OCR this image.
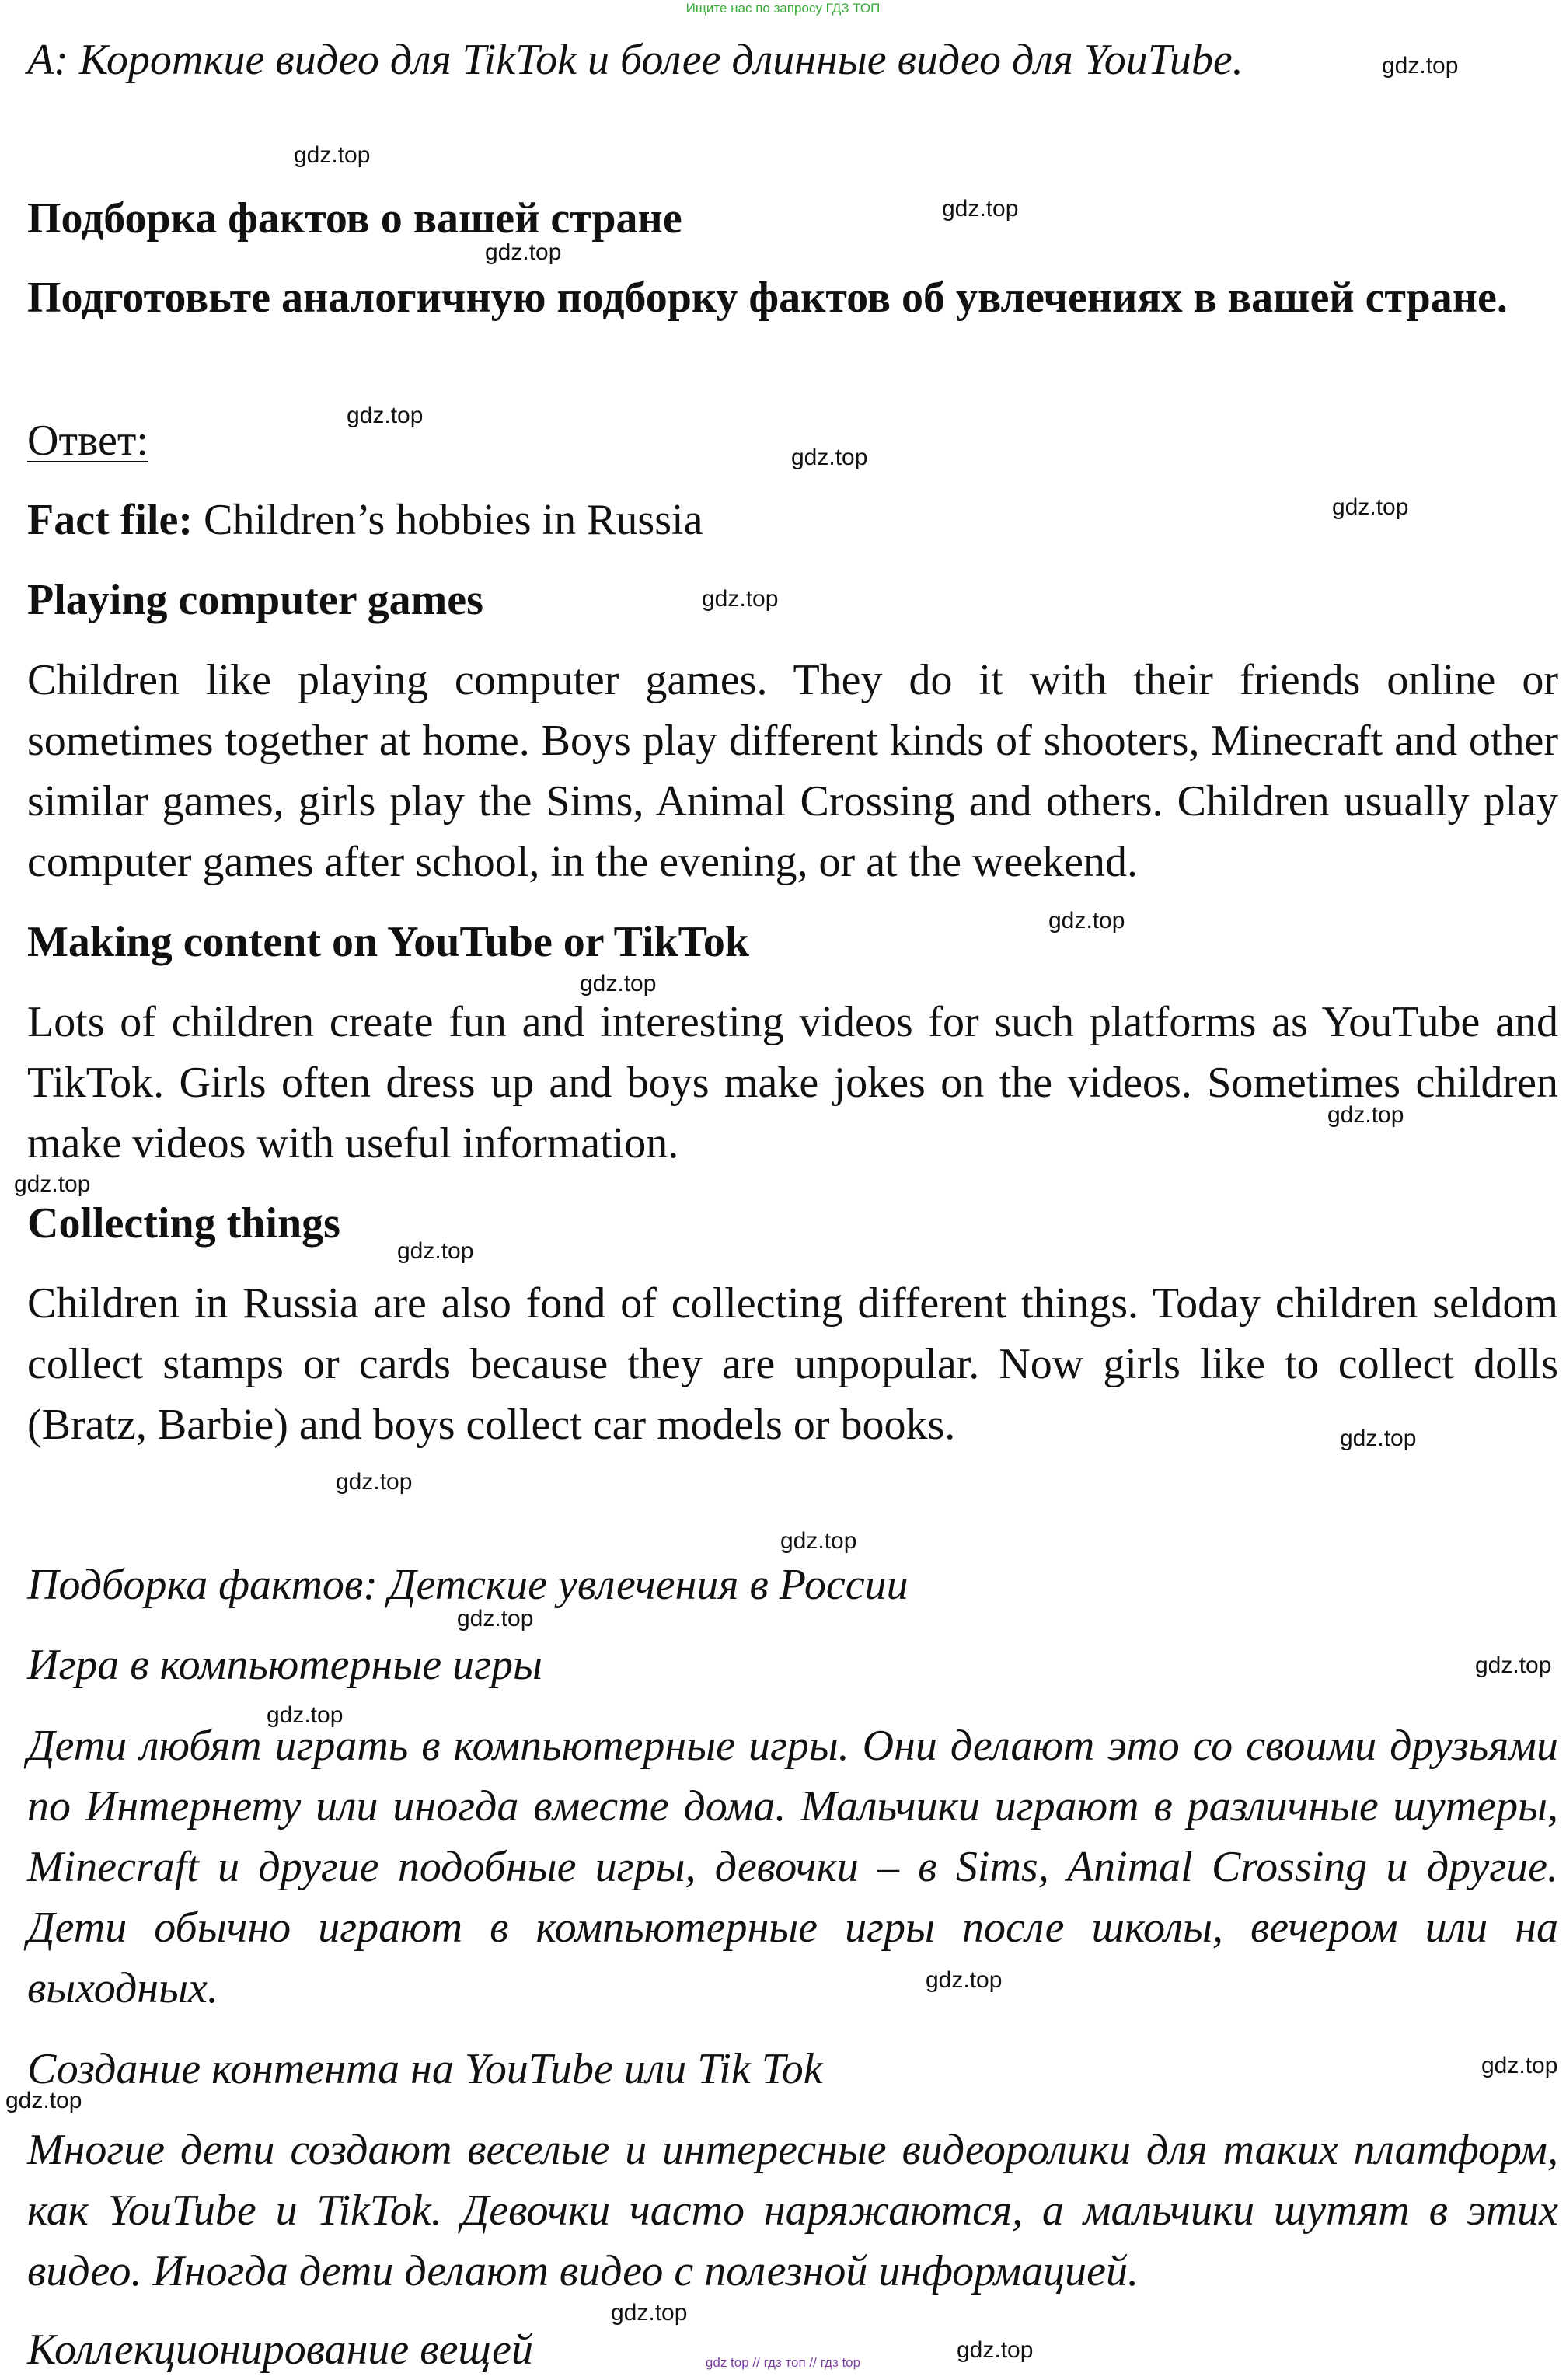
Ищите нас по запросу ГДЗ ТОП
А: Короткие видео для TikTok и более длинные видео для YouTube.
Подборка фактов о вашей стране
Подготовьте аналогичную подборку фактов об увлечениях в вашей стране.
Ответ:
Fact file: Children’s hobbies in Russia
Playing computer games
Children like playing computer games. They do it with their friends online or sometimes together at home. Boys play different kinds of shooters, Minecraft and other similar games, girls play the Sims, Animal Crossing and others. Children usually play computer games after school, in the evening, or at the weekend.
Making content on YouTube or TikTok
Lots of children create fun and interesting videos for such platforms as YouTube and TikTok. Girls often dress up and boys make jokes on the videos. Sometimes children make videos with useful information.
Collecting things
Children in Russia are also fond of collecting different things. Today children seldom collect stamps or cards because they are unpopular. Now girls like to collect dolls (Bratz, Barbie) and boys collect car models or books.
Подборка фактов: Детские увлечения в России
Игра в компьютерные игры
Дети любят играть в компьютерные игры. Они делают это со своими друзьями по Интернету или иногда вместе дома. Мальчики играют в различные шутеры, Minecraft и другие подобные игры, девочки – в Sims, Animal Crossing и другие. Дети обычно играют в компьютерные игры после школы, вечером или на выходных.
Создание контента на YouTube или Tik Tok
Многие дети создают веселые и интересные видеоролики для таких платформ, как YouTube и TikTok. Девочки часто наряжаются, а мальчики шутят в этих видео. Иногда дети делают видео с полезной информацией.
Коллекционирование вещей
gdz.top
gdz.top
gdz.top
gdz.top
gdz.top
gdz.top
gdz.top
gdz.top
gdz.top
gdz.top
gdz.top
gdz.top
gdz.top
gdz.top
gdz.top
gdz.top
gdz.top
gdz.top
gdz.top
gdz.top
gdz.top
gdz.top
gdz.top
gdz.top
gdz top // гдз топ // гдз top
